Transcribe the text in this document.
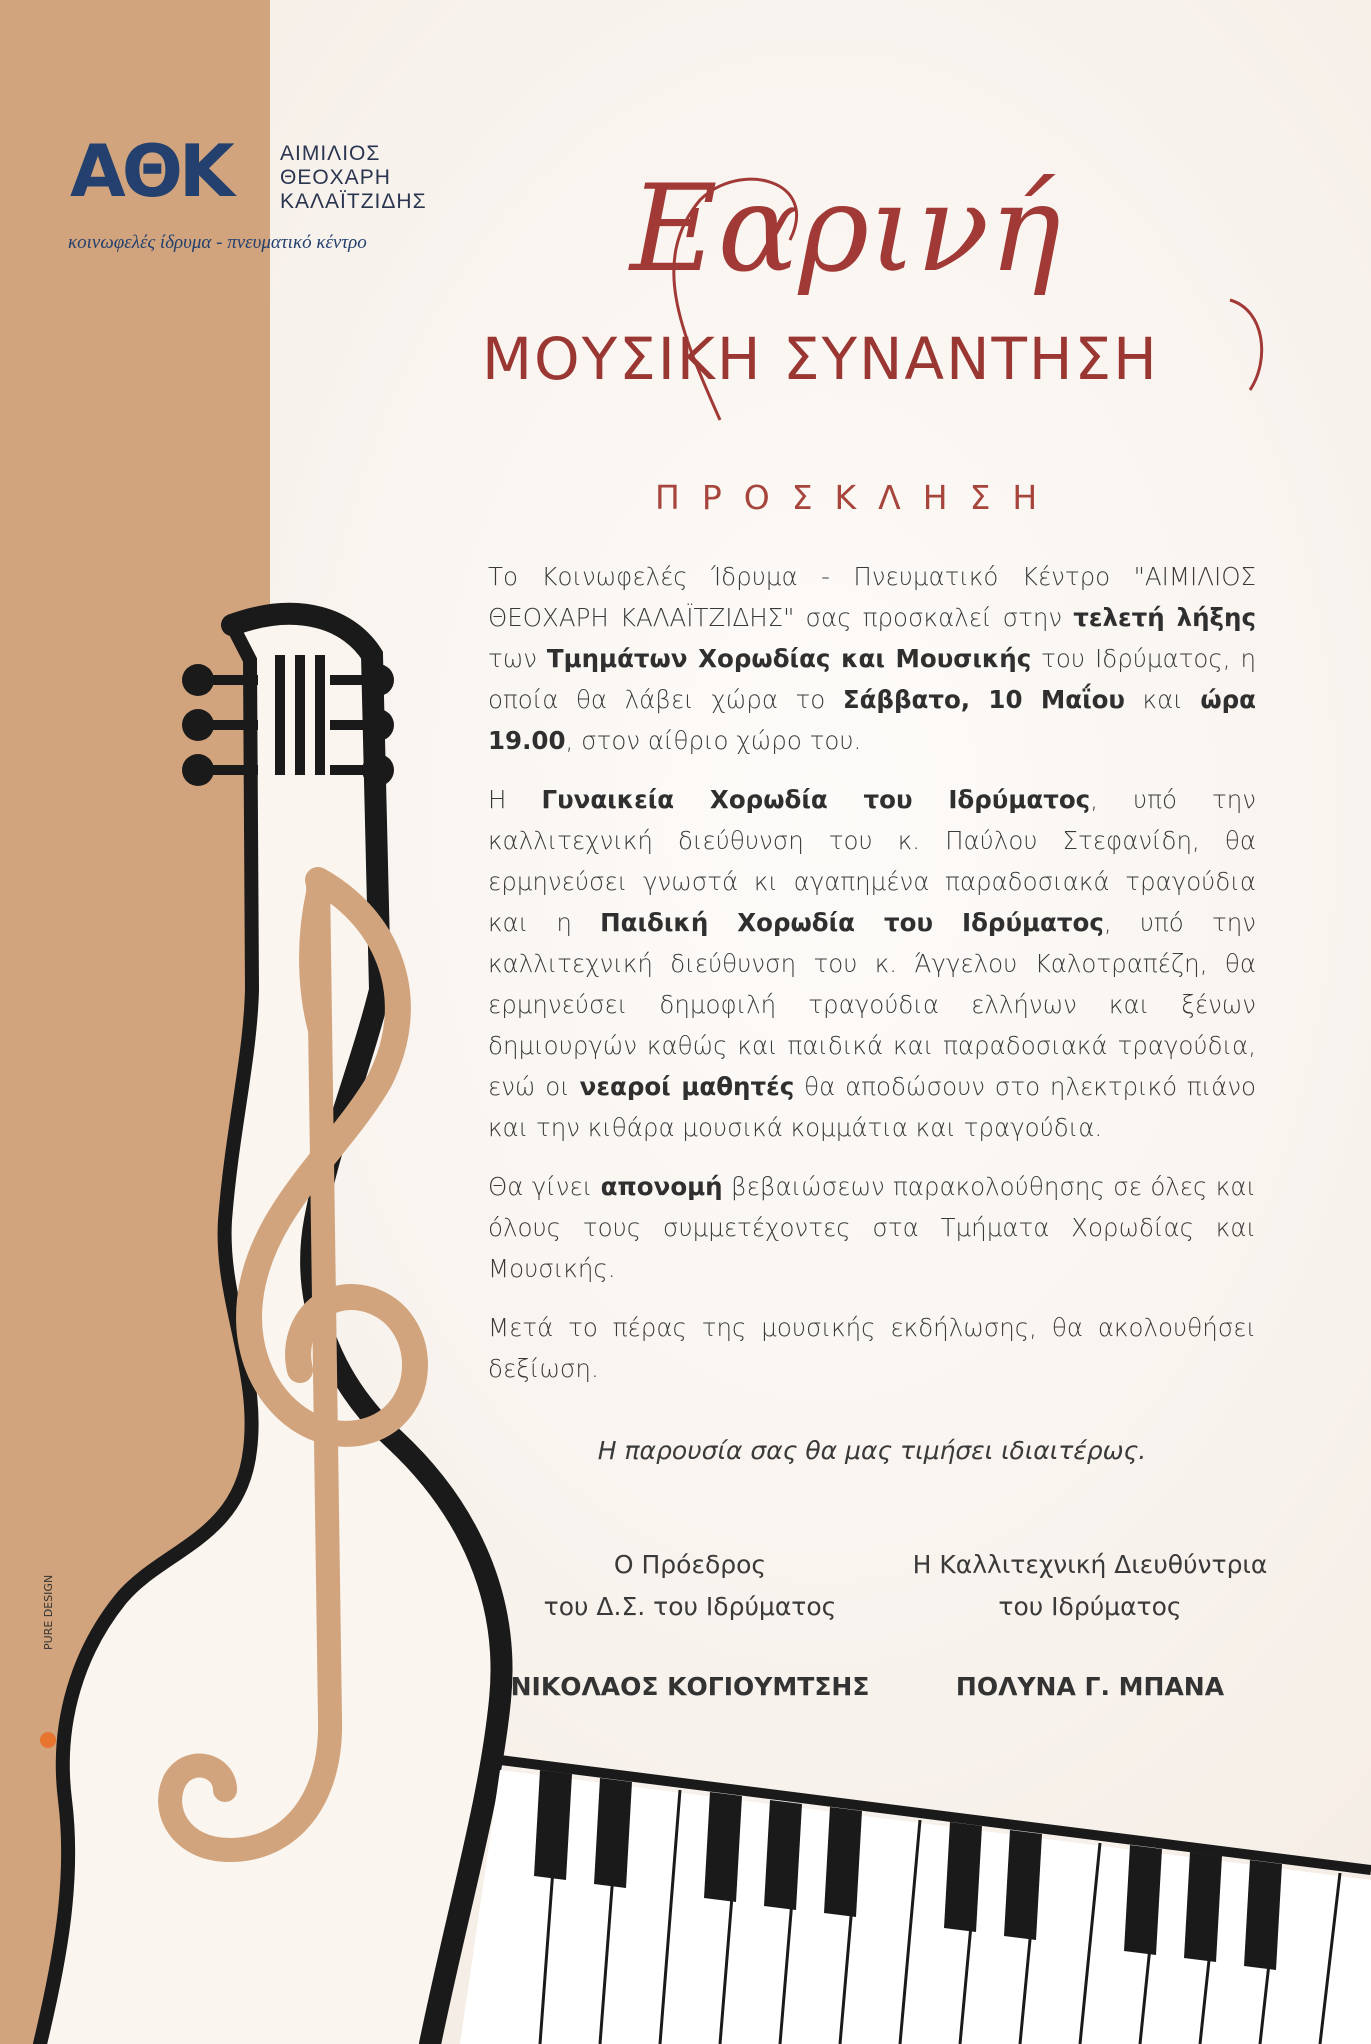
ΑΘΚ ΑΙΜΙΛΙΟΣ
ΘΕΟΧΑΡΗ
ΚΑΛΑΪΤΖΙΔΗΣ
κοινωφελές ίδρυμα - πνευματικό κέντρο Εαρινή
ΜΟΥΣΙΚΗ ΣΥΝΑΝΤΗΣΗ
ΠΡΟΣΚΛΗΣΗ

Το Κοινωφελές Ίδρυμα - Πνευματικό Κέντρο "ΑΙΜΙΛΙΟΣ ΘΕΟΧΑΡΗ ΚΑΛΑΪΤΖΙΔΗΣ" σας προσκαλεί στην τελετή λήξης των Τμημάτων Χορωδίας και Μουσικής του Ιδρύματος, η οποία θα λάβει χώρα το Σάββατο, 10 Μαΐου και ώρα 19.00, στον αίθριο χώρο του.

Η Γυναικεία Χορωδία του Ιδρύματος, υπό την καλλιτεχνική διεύθυνση του κ. Παύλου Στεφανίδη, θα ερμηνεύσει γνωστά κι αγαπημένα παραδοσιακά τραγούδια και η Παιδική Χορωδία του Ιδρύματος, υπό την καλλιτεχνική διεύθυνση του κ. Άγγελου Καλοτραπέζη, θα ερμηνεύσει δημοφιλή τραγούδια ελλήνων και ξένων δημιουργών καθώς και παιδικά και παραδοσιακά τραγούδια, ενώ οι νεαροί μαθητές θα αποδώσουν στο ηλεκτρικό πιάνο και την κιθάρα μουσικά κομμάτια και τραγούδια.

Θα γίνει απονομή βεβαιώσεων παρακολούθησης σε όλες και όλους τους συμμετέχοντες στα Τμήματα Χορωδίας και Μουσικής.

Μετά το πέρας της μουσικής εκδήλωσης, θα ακολουθήσει δεξίωση.

Η παρουσία σας θα μας τιμήσει ιδιαιτέρως.
Ο Πρόεδρος
του Δ.Σ. του Ιδρύματος
ΝΙΚΟΛΑΟΣ ΚΟΓΙΟΥΜΤΣΗΣ
Η Καλλιτεχνική Διευθύντρια
του Ιδρύματος
ΠΟΛΥΝΑ Γ. ΜΠΑΝΑ
PURE DESIGN
